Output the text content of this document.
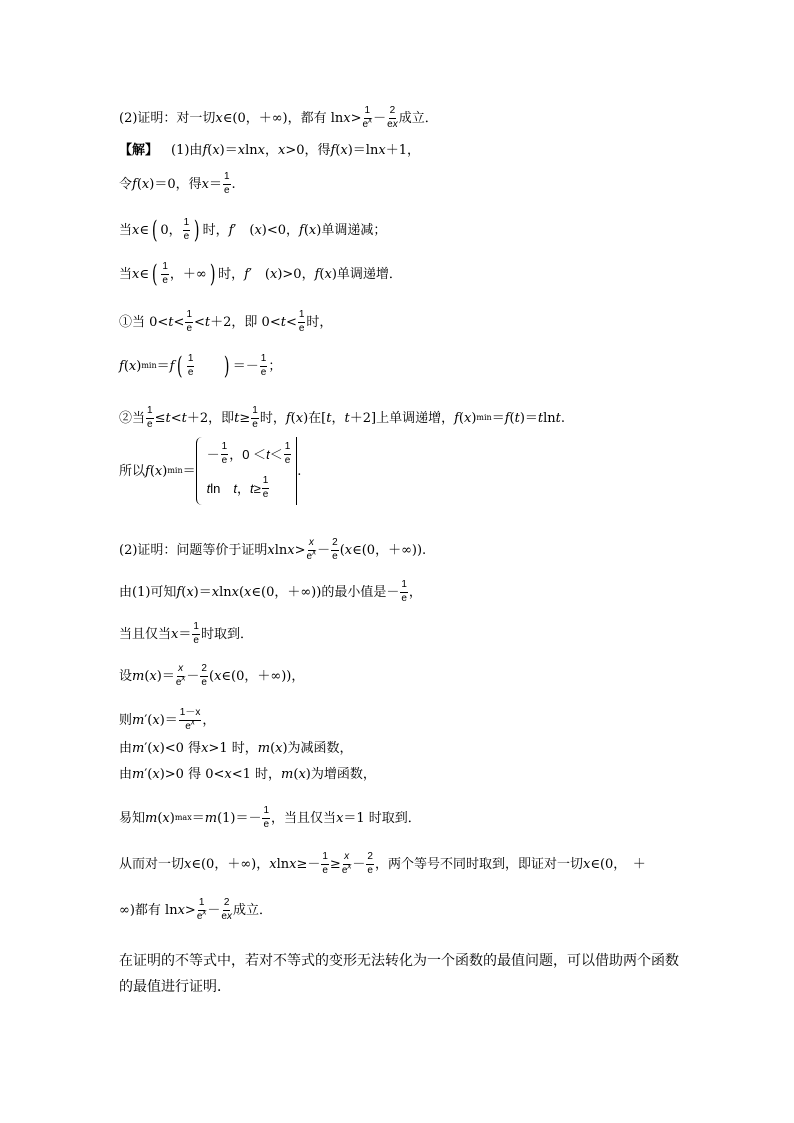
(2)证明：对一切 x ∈(0，＋∞)，都有 $\ln x > \frac{1}{e^x} - \frac{2}{ex}$ 成立．
【解】 　(1)由 f ( x )＝ x ln x ， x >0，得 f ( x )＝ln x ＋1，
令 f ( x )＝0，得 $x = \frac{1}{e}$ .
当 x ∈ ( 0， $\frac{1}{e}$ ) 时， f ′　( x )<0， f ( x )单调递减；
当 x ∈ ( $\frac{1}{e}$ ，＋∞ ) 时， f ′　( x )>0， f ( x )单调递增．
①当 $0< t < \frac{1}{e} < t +2$，即 $0< t < \frac{1}{e}$ 时，
f ( x ) min ＝ f ( $\frac{1}{e}$ ) ＝－ $\frac{1}{e}$ ；
②当 $\frac{1}{e} \le t < t +2$，即 $t \ge \frac{1}{e}$ 时， f ( x )在[ t ， t ＋2]上单调递增， f ( x ) min ＝ f ( t )＝ t ln t .
所以 f ( x ) min ＝
－ $\frac{1}{e}$ ，$0 < t < \frac{1}{e}$
t ln　 t ， $t \ge \frac{1}{e}$
.
(2)证明：问题等价于证明 x $\ln x > \frac{x}{e^x} - \frac{2}{e}$ ( x ∈(0，＋∞)).
由(1)可知 f ( x )＝ x ln x ( x ∈(0，＋∞))的最小值是－ $\frac{1}{e}$ ，
当且仅当 $x = \frac{1}{e}$ 时取到．
设 m ( x )＝ $\frac{x}{e^x} - \frac{2}{e}$ ( x ∈(0，＋∞))，
则 m ′( x )＝ $\frac{1-x}{e^x}$ ，
由 m ′( x )<0 得 x >1 时， m ( x )为减函数，
由 m ′( x )>0 得 0< x <1 时， m ( x )为增函数，
易知 m ( x ) max ＝ m $(1)=- \frac{1}{e}$ ，当且仅当 x ＝1 时取到．
从而对一切 x ∈(0，＋∞)， x $\ln x \ge- \frac{1}{e} \ge \frac{x}{e^x} - \frac{2}{e}$ ，两个等号不同时取到，即证对一切 x ∈(0，　＋
∞)都有 $\ln x > \frac{1}{e^x} - \frac{2}{ex}$ 成立．
在证明的不等式中，若对不等式的变形无法转化为一个函数的最值问题，可以借助两个函数
的最值进行证明．
